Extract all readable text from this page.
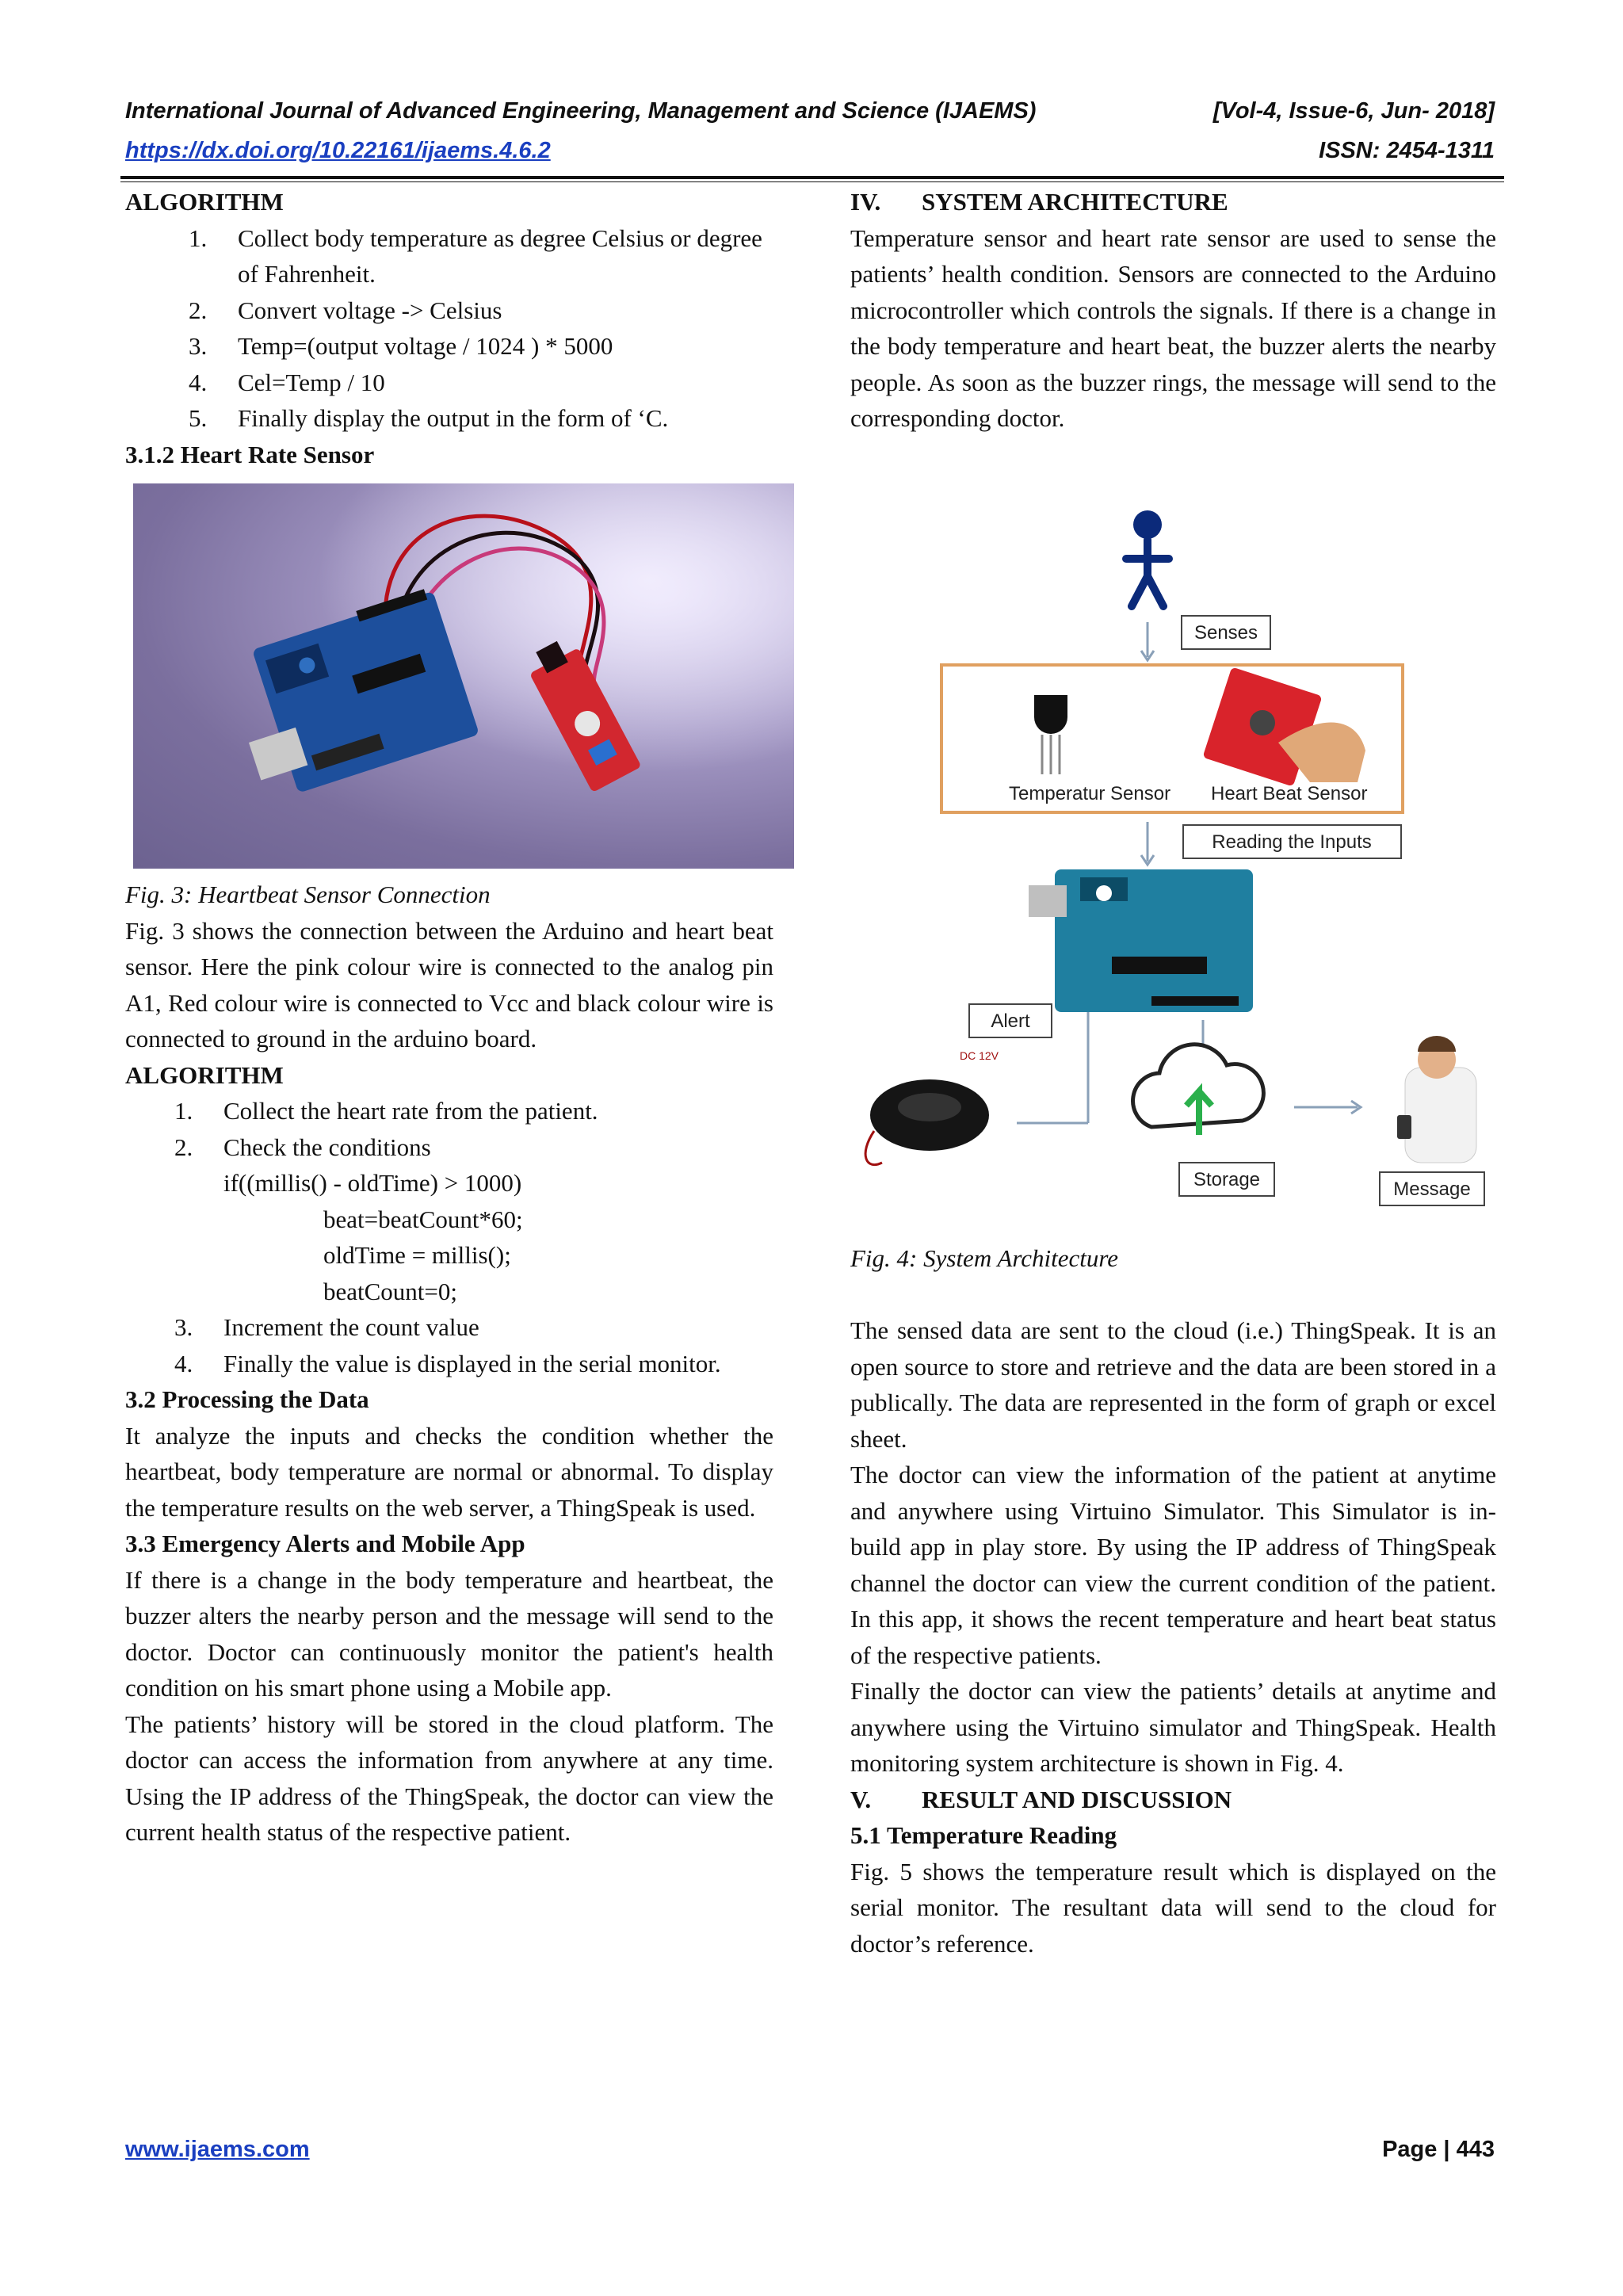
International Journal of Advanced Engineering, Management and Science (IJAEMS)	[Vol-4, Issue-6, Jun- 2018]
https://dx.doi.org/10.22161/ijaems.4.6.2	ISSN: 2454-1311

ALGORITHM

1. Collect body temperature as degree Celsius or degree of Fahrenheit.
2. Convert voltage -> Celsius
3. Temp=(output voltage / 1024 ) * 5000
4. Cel=Temp / 10
5. Finally display the output in the form of ‘C.

3.1.2 Heart Rate Sensor

Fig. 3: Heartbeat Sensor Connection

Fig. 3 shows the connection between the Arduino and heart beat sensor. Here the pink colour wire is connected to the analog pin A1, Red colour wire is connected to Vcc and black colour wire is connected to ground in the arduino board.

ALGORITHM

1. Collect the heart rate from the patient.
2. Check the conditions

if((millis() - oldTime) > 1000)

beat=beatCount*60;

oldTime = millis();

beatCount=0;

3. Increment the count value
4. Finally the value is displayed in the serial monitor.

3.2 Processing the Data

It analyze the inputs and checks the condition whether the heartbeat, body temperature are normal or abnormal. To display the temperature results on the web server, a ThingSpeak is used.

3.3 Emergency Alerts and Mobile App

If there is a change in the body temperature and heartbeat, the buzzer alters the nearby person and the message will send to the doctor. Doctor can continuously monitor the patient's health condition on his smart phone using a Mobile app.

The patients’ history will be stored in the cloud platform. The doctor can access the information from anywhere at any time. Using the IP address of the ThingSpeak, the doctor can view the current health status of the respective patient.

IV. SYSTEM ARCHITECTURE

Temperature sensor and heart rate sensor are used to sense the patients’ health condition. Sensors are connected to the Arduino microcontroller which controls the signals. If there is a change in the body temperature and heart beat, the buzzer alerts the nearby people. As soon as the buzzer rings, the message will send to the corresponding doctor.

Senses
Temperatur Sensor Heart Beat Sensor
Reading the Inputs
Alert
DC 12V
Storage	Message

Fig. 4: System Architecture

The sensed data are sent to the cloud (i.e.) ThingSpeak. It is an open source to store and retrieve and the data are been stored in a publically. The data are represented in the form of graph or excel sheet.

The doctor can view the information of the patient at anytime and anywhere using Virtuino Simulator. This Simulator is in-build app in play store. By using the IP address of ThingSpeak channel the doctor can view the current condition of the patient. In this app, it shows the recent temperature and heart beat status of the respective patients.

Finally the doctor can view the patients’ details at anytime and anywhere using the Virtuino simulator and ThingSpeak. Health monitoring system architecture is shown in Fig. 4.

V. RESULT AND DISCUSSION

5.1 Temperature Reading

Fig. 5 shows the temperature result which is displayed on the serial monitor. The resultant data will send to the cloud for doctor’s reference.

www.ijaems.com	Page | 443
